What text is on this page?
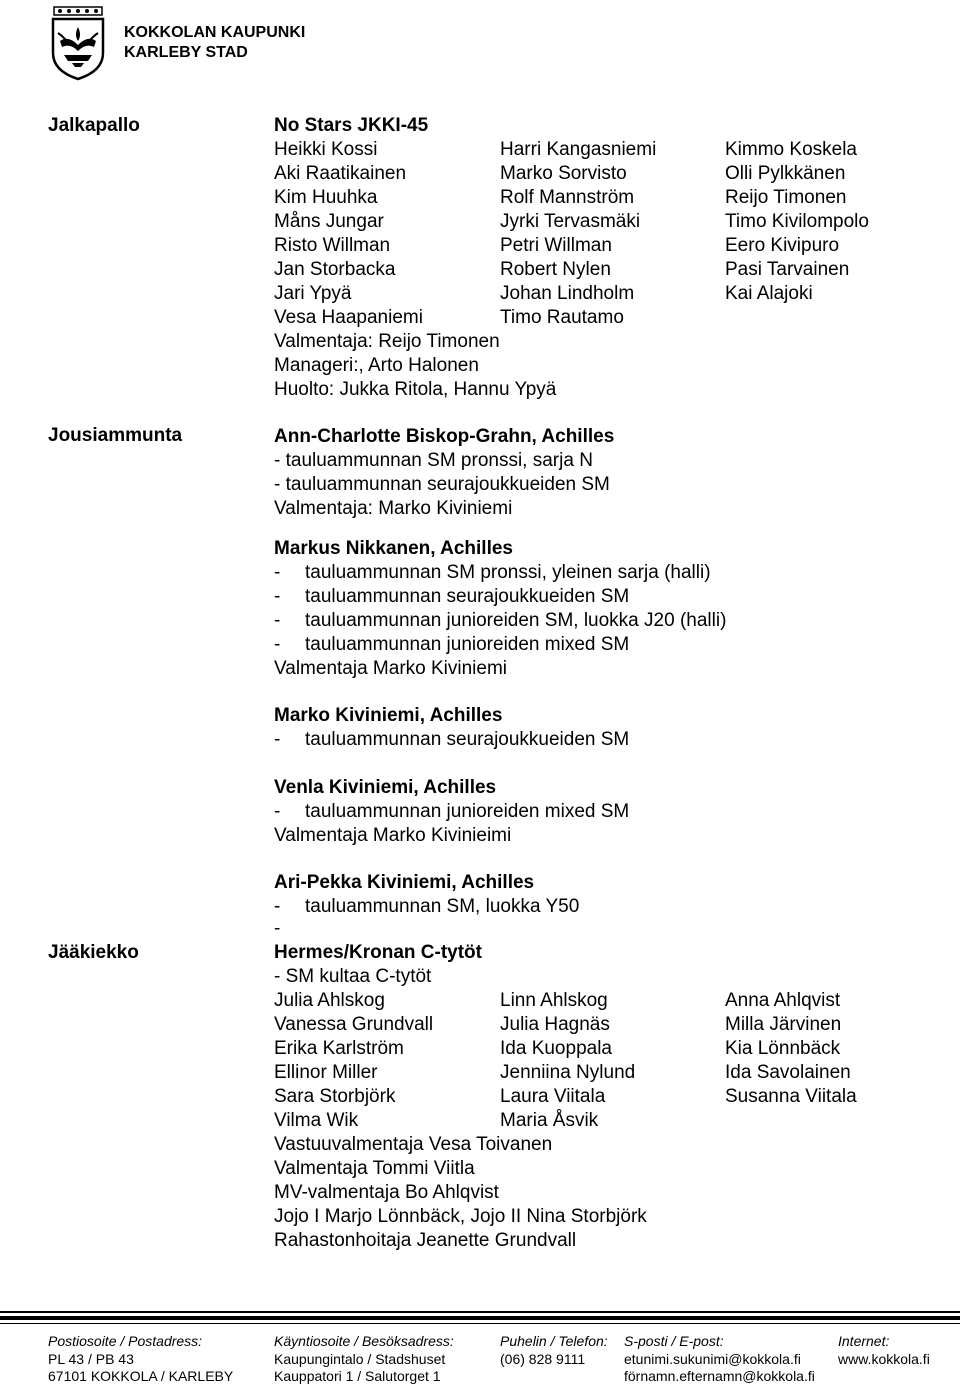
KOKKOLAN KAUPUNKI
KARLEBY STAD
Jalkapallo
Jousiammunta
Jääkiekko
No Stars JKKI-45
Heikki Kossi	Harri Kangasniemi	Kimmo Koskela
Aki Raatikainen	Marko Sorvisto	Olli Pylkkänen
Kim Huuhka	Rolf Mannström	Reijo Timonen
Måns Jungar	Jyrki Tervasmäki	Timo Kivilompolo
Risto Willman	Petri Willman	Eero Kivipuro
Jan Storbacka	Robert Nylen	Pasi Tarvainen
Jari Ypyä	Johan Lindholm	Kai Alajoki
Vesa Haapaniemi	Timo Rautamo
Valmentaja: Reijo Timonen
Manageri:, Arto Halonen
Huolto: Jukka Ritola, Hannu Ypyä
Ann-Charlotte Biskop-Grahn, Achilles
- tauluammunnan SM pronssi, sarja N
- tauluammunnan seurajoukkueiden SM
Valmentaja: Marko Kiviniemi
Markus Nikkanen, Achilles
- tauluammunnan SM pronssi, yleinen sarja (halli)
- tauluammunnan seurajoukkueiden SM
- tauluammunnan junioreiden SM, luokka J20 (halli)
- tauluammunnan junioreiden mixed SM
Valmentaja Marko Kiviniemi
Marko Kiviniemi, Achilles
- tauluammunnan seurajoukkueiden SM
Venla Kiviniemi, Achilles
- tauluammunnan junioreiden mixed SM
Valmentaja Marko Kivinieimi
Ari-Pekka Kiviniemi, Achilles
- tauluammunnan SM, luokka Y50
-
Hermes/Kronan C-tytöt
- SM kultaa C-tytöt
Julia Ahlskog	Linn Ahlskog	Anna Ahlqvist
Vanessa Grundvall	Julia Hagnäs	Milla Järvinen
Erika Karlström	Ida Kuoppala	Kia Lönnbäck
Ellinor Miller	Jenniina Nylund	Ida Savolainen
Sara Storbjörk	Laura Viitala	Susanna Viitala
Vilma Wik	Maria Åsvik
Vastuuvalmentaja Vesa Toivanen
Valmentaja Tommi Viitla
MV-valmentaja Bo Ahlqvist
Jojo I Marjo Lönnbäck, Jojo II Nina Storbjörk
Rahastonhoitaja Jeanette Grundvall
Postiosoite / Postadress:
PL 43 / PB 43
67101 KOKKOLA / KARLEBY
Käyntiosoite / Besöksadress:
Kaupungintalo / Stadshuset
Kauppatori 1 / Salutorget 1
Puhelin / Telefon:
(06) 828 9111
S-posti / E-post:
etunimi.sukunimi@kokkola.fi
förnamn.efternamn@kokkola.fi
Internet:
www.kokkola.fi
